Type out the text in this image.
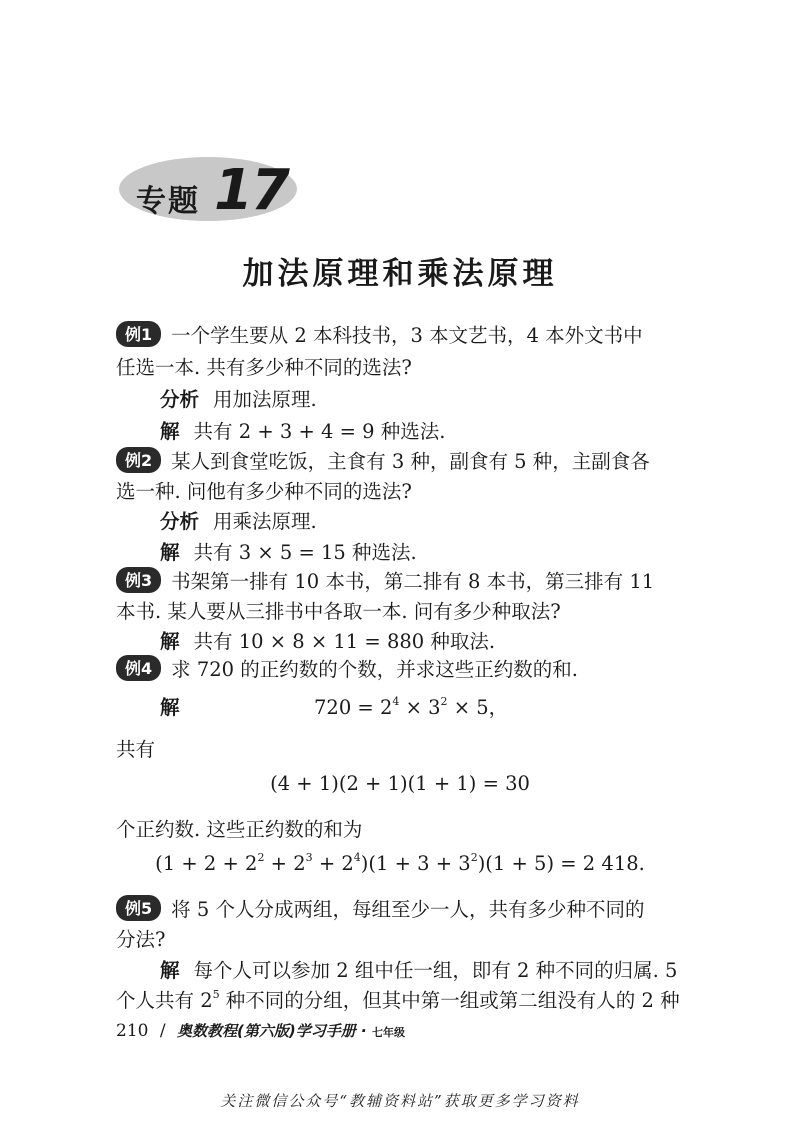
专题 17
加法原理和乘法原理
例1 一个学生要从 2 本科技书，3 本文艺书，4 本外文书中
任选一本. 共有多少种不同的选法?
分析 用加法原理.
解 共有 2 + 3 + 4 = 9 种选法.
例2 某人到食堂吃饭，主食有 3 种，副食有 5 种，主副食各
选一种. 问他有多少种不同的选法?
分析 用乘法原理.
解 共有 3 × 5 = 15 种选法.
例3 书架第一排有 10 本书，第二排有 8 本书，第三排有 11
本书. 某人要从三排书中各取一本. 问有多少种取法?
解 共有 10 × 8 × 11 = 880 种取法.
例4 求 720 的正约数的个数，并求这些正约数的和.
解	$720 = 2^4 \times 3^2 \times 5$，
共有
(4 + 1)(2 + 1)(1 + 1) = 30
个正约数. 这些正约数的和为
$(1 + 2 + 2^2 + 2^3 + 2^4)(1 + 3 + 3^2)(1 + 5) = 2$ 418.
例5 将 5 个人分成两组，每组至少一人，共有多少种不同的
分法?
解 每个人可以参加 2 组中任一组，即有 2 种不同的归属. 5
个人共有 $2^5$ 种不同的分组，但其中第一组或第二组没有人的 2 种
210 / 奥数教程(第六版)学习手册 · 七年级
关注微信公众号“教辅资料站”获取更多学习资料
